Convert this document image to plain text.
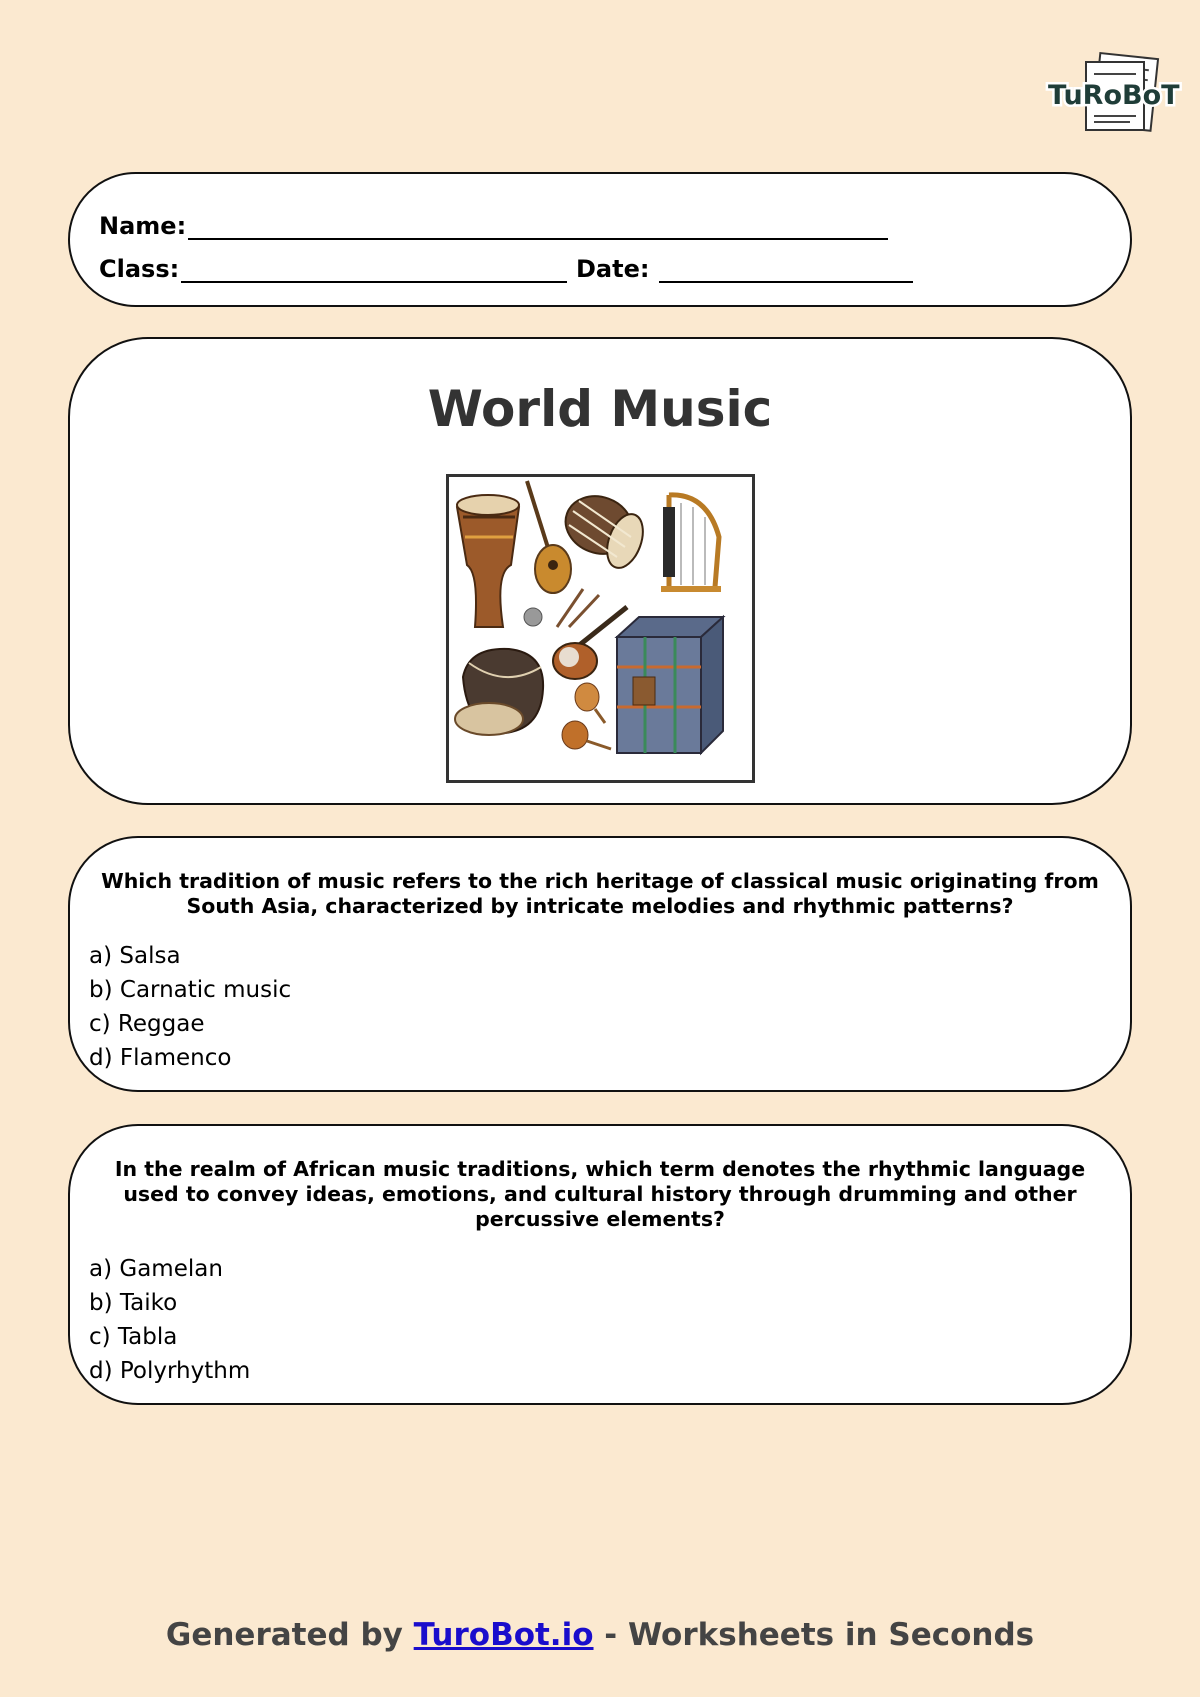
TuRoBoT
Name:
Class:	Date:
World Music

Which tradition of music refers to the rich heritage of classical music originating from South Asia, characterized by intricate melodies and rhythmic patterns?

a) Salsa
b) Carnatic music
c) Reggae
d) Flamenco

In the realm of African music traditions, which term denotes the rhythmic language used to convey ideas, emotions, and cultural history through drumming and other percussive elements?

a) Gamelan
b) Taiko
c) Tabla
d) Polyrhythm
Generated by TuroBot.io - Worksheets in Seconds
